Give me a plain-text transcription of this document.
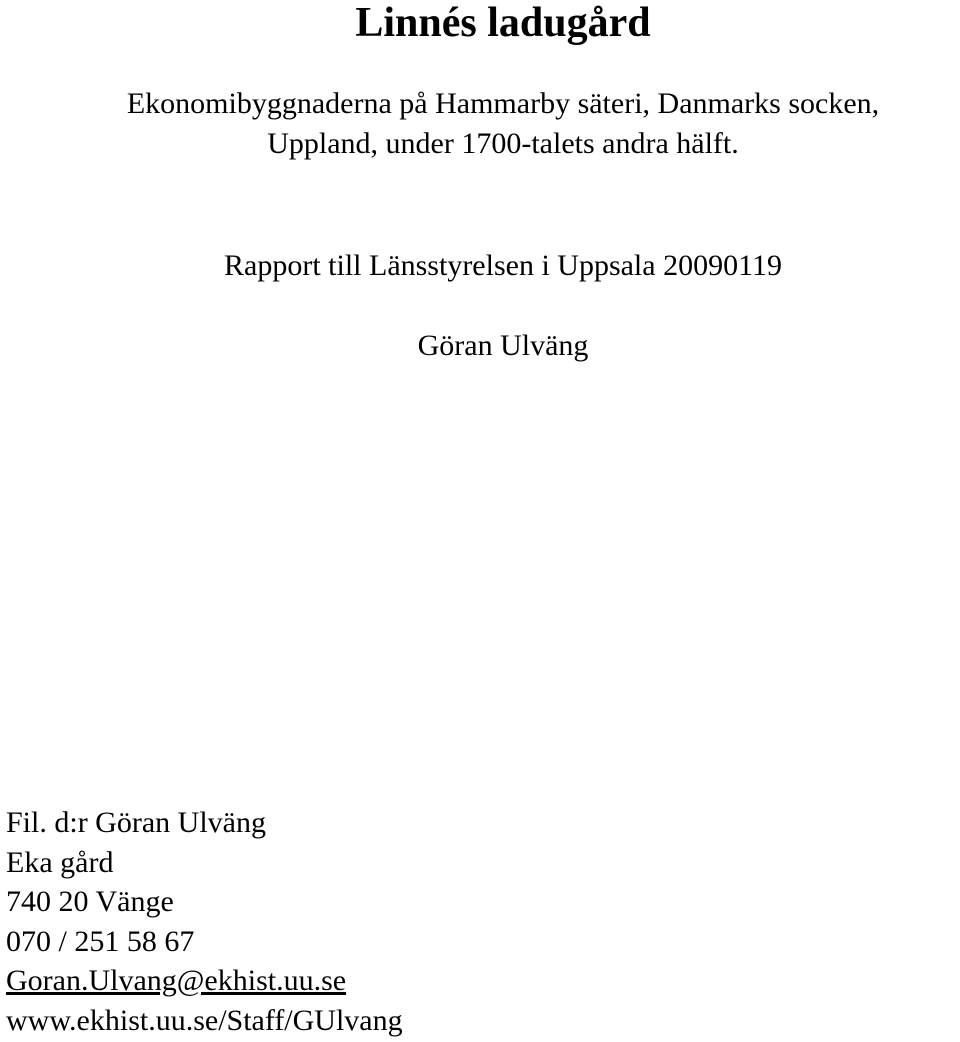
Linnés ladugård
Ekonomibyggnaderna på Hammarby säteri, Danmarks socken,
Uppland, under 1700-talets andra hälft.
Rapport till Länsstyrelsen i Uppsala 20090119
Göran Ulväng
Fil. d:r Göran Ulväng
Eka gård
740 20 Vänge
070 / 251 58 67
Goran.Ulvang@ekhist.uu.se
www.ekhist.uu.se/Staff/GUlvang
